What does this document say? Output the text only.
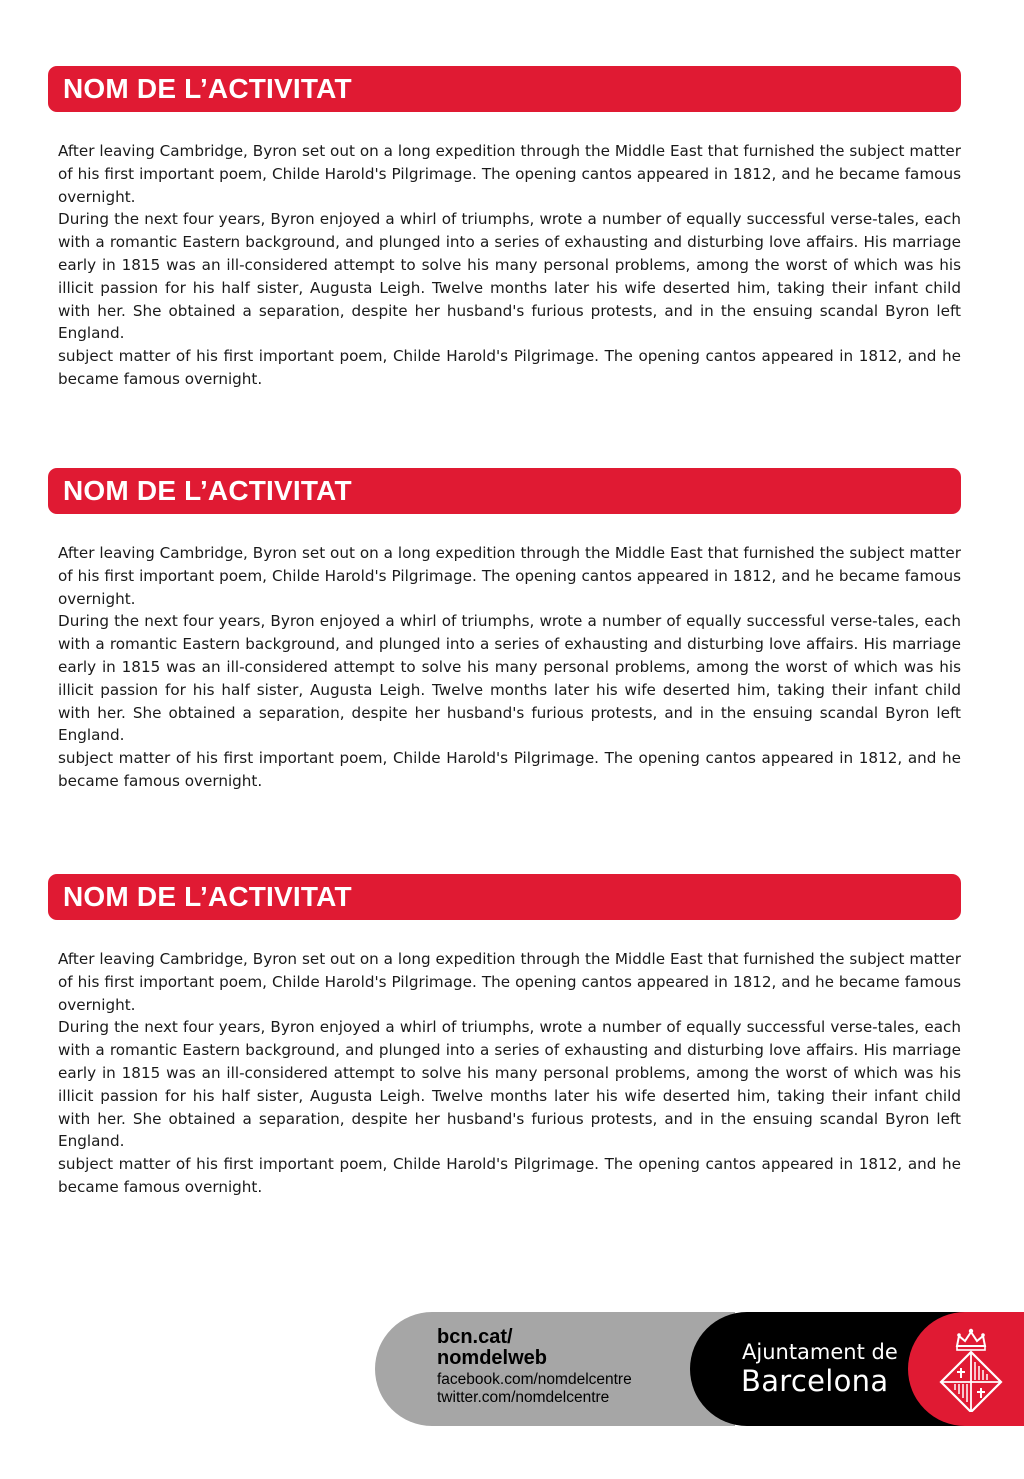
NOM DE L’ACTIVITAT

After leaving Cambridge, Byron set out on a long expedition through the Middle East that furnished the subject matter of his first important poem, Childe Harold's Pilgrimage. The opening cantos appeared in 1812, and he became famous overnight.

During the next four years, Byron enjoyed a whirl of triumphs, wrote a number of equally successful verse-tales, each with a romantic Eastern background, and plunged into a series of exhausting and disturbing love affairs. His marriage early in 1815 was an ill-considered attempt to solve his many personal problems, among the worst of which was his illicit passion for his half sister, Augusta Leigh. Twelve months later his wife deserted him, taking their infant child with her. She obtained a separation, despite her husband's furious protests, and in the ensuing scandal Byron left England.

subject matter of his first important poem, Childe Harold's Pilgrimage. The opening cantos appeared in 1812, and he became famous overnight.

NOM DE L’ACTIVITAT

After leaving Cambridge, Byron set out on a long expedition through the Middle East that furnished the subject matter of his first important poem, Childe Harold's Pilgrimage. The opening cantos appeared in 1812, and he became famous overnight.

During the next four years, Byron enjoyed a whirl of triumphs, wrote a number of equally successful verse-tales, each with a romantic Eastern background, and plunged into a series of exhausting and disturbing love affairs. His marriage early in 1815 was an ill-considered attempt to solve his many personal problems, among the worst of which was his illicit passion for his half sister, Augusta Leigh. Twelve months later his wife deserted him, taking their infant child with her. She obtained a separation, despite her husband's furious protests, and in the ensuing scandal Byron left England.

subject matter of his first important poem, Childe Harold's Pilgrimage. The opening cantos appeared in 1812, and he became famous overnight.

NOM DE L’ACTIVITAT

After leaving Cambridge, Byron set out on a long expedition through the Middle East that furnished the subject matter of his first important poem, Childe Harold's Pilgrimage. The opening cantos appeared in 1812, and he became famous overnight.

During the next four years, Byron enjoyed a whirl of triumphs, wrote a number of equally successful verse-tales, each with a romantic Eastern background, and plunged into a series of exhausting and disturbing love affairs. His marriage early in 1815 was an ill-considered attempt to solve his many personal problems, among the worst of which was his illicit passion for his half sister, Augusta Leigh. Twelve months later his wife deserted him, taking their infant child with her. She obtained a separation, despite her husband's furious protests, and in the ensuing scandal Byron left England.

subject matter of his first important poem, Childe Harold's Pilgrimage. The opening cantos appeared in 1812, and he became famous overnight.

bcn.cat/
nomdelweb
facebook.com/nomdelcentre
twitter.com/nomdelcentre
Ajuntament de
Barcelona
